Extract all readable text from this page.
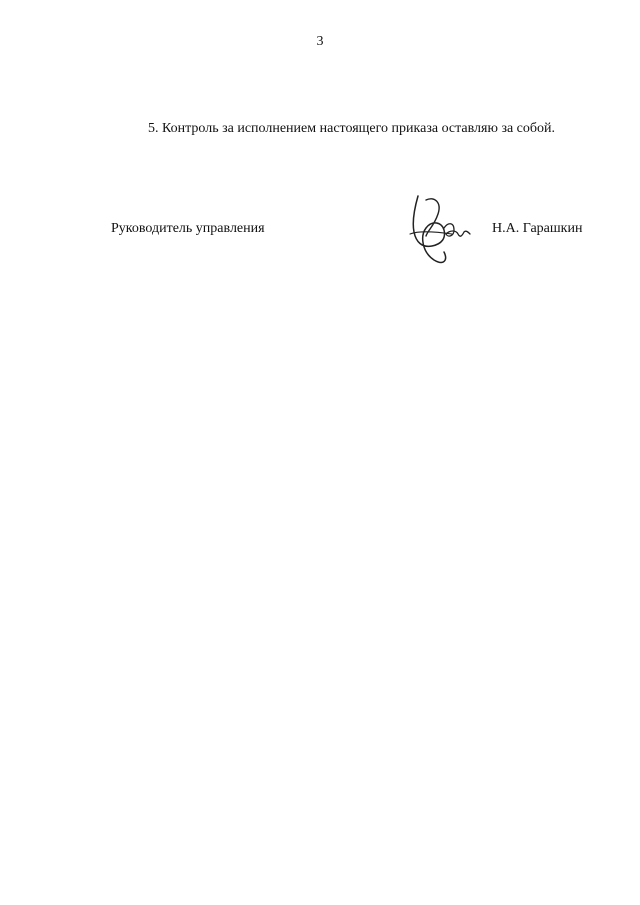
3
5. Контроль за исполнением настоящего приказа оставляю за собой.
Руководитель управления	Н.А. Гарашкин
